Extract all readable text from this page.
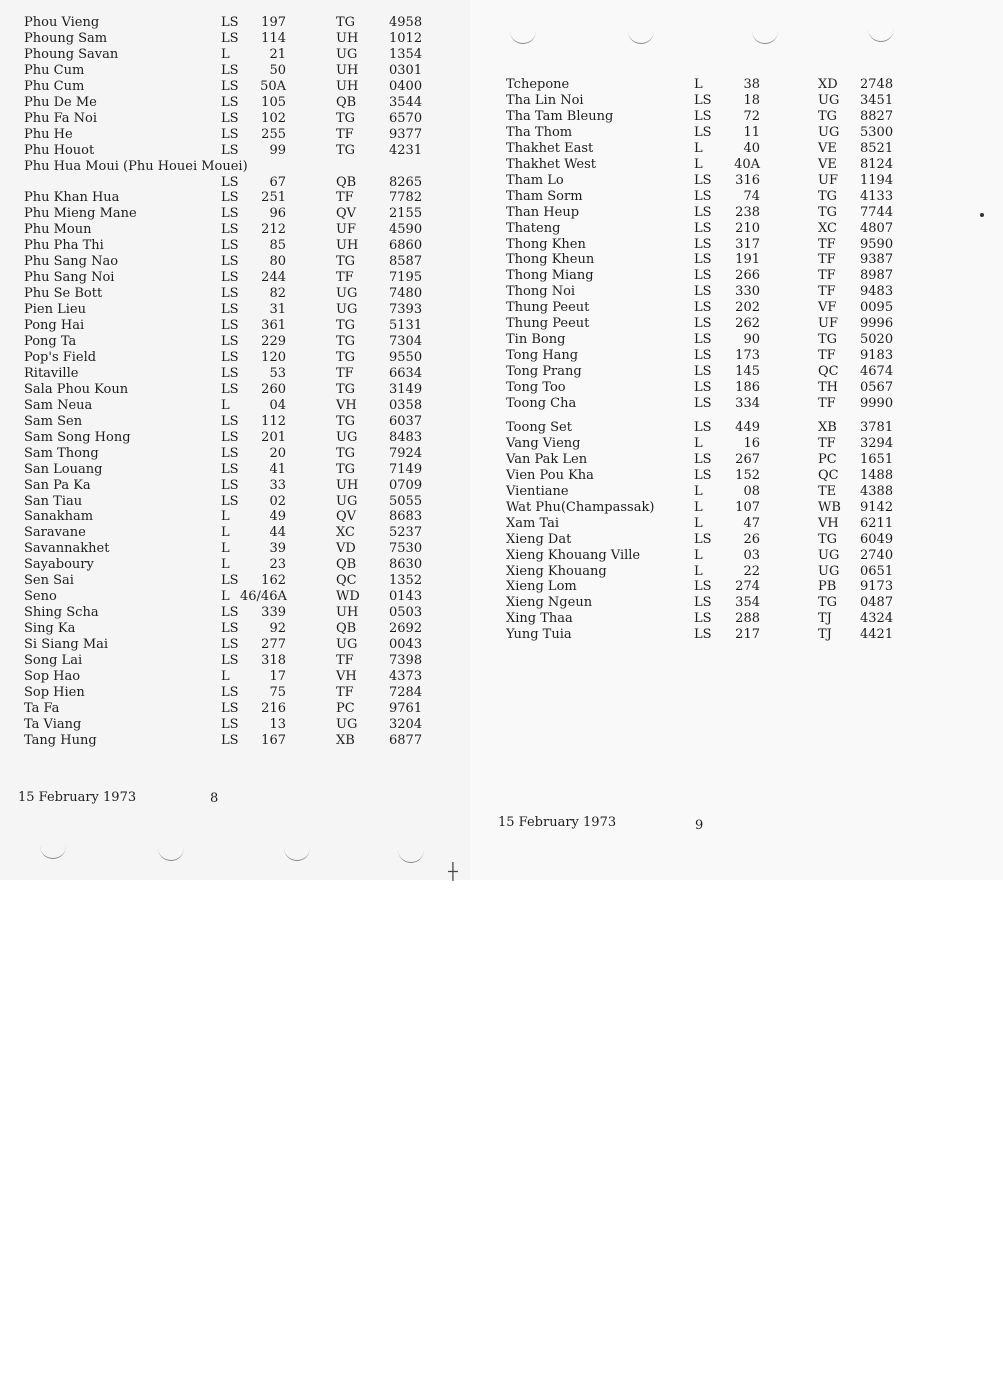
Phou Vieng	LS	197	TG	4958
Phoung Sam	LS	114	UH 1012
Phoung Savan	L	21	UG 1354
Phu Cum	LS	50	UH 0301
Phu Cum	LS	50A	UH 0400
Phu De Me	LS	105	QB	3544
Phu Fa Noi	LS	102	TG	6570
Phu He	LS	255	TF	9377
Phu Houot	LS	99	TG	4231
Phu Hua Moui (Phu Houei Mouei)
LS	67	QB	8265
Phu Khan Hua	LS	251	TF	7782
Phu Mieng Mane	LS	96	QV	2155
Phu Moun	LS	212	UF	4590
Phu Pha Thi	LS	85	UH 6860
Phu Sang Nao	LS	80	TG	8587
Phu Sang Noi	LS	244	TF	7195
Phu Se Bott	LS	82	UG 7480
Pien Lieu	LS	31	UG 7393
Pong Hai	LS	361	TG	5131
Pong Ta	LS	229	TG	7304
Pop's Field	LS	120	TG	9550
Ritaville	LS	53	TF	6634
Sala Phou Koun	LS	260	TG	3149
Sam Neua	L	04	VH 0358
Sam Sen	LS	112	TG	6037
Sam Song Hong	LS	201	UG 8483
Sam Thong	LS	20	TG	7924
San Louang	LS	41	TG	7149
San Pa Ka	LS	33	UH 0709
San Tiau	LS	02	UG 5055
Sanakham	L	49	QV	8683
Saravane	L	44	XC	5237
Savannakhet	L	39	VD	7530
Sayaboury	L	23	QB	8630
Sen Sai	LS	162	QC 1352
Seno	L 46/46A	WD 0143
Shing Scha	LS	339	UH 0503
Sing Ka	LS	92	QB	2692
Si Siang Mai	LS	277	UG 0043
Song Lai	LS	318	TF	7398
Sop Hao	L	17	VH 4373
Sop Hien	LS	75	TF	7284
Ta Fa	LS	216	PC	9761
Ta Viang	LS	13	UG 3204
Tang Hung	LS	167	XB	6877
Tchepone	L	38	XD 2748
Tha Lin Noi	LS	18	UG 3451
Tha Tam Bleung	LS	72	TG 8827
Tha Thom	LS	11	UG 5300
Thakhet East	L	40	VE 8521
Thakhet West	L	40A	VE 8124
Tham Lo	LS	316	UF 1194
Tham Sorm	LS	74	TG 4133
Than Heup	LS	238	TG 7744
Thateng	LS	210	XC 4807
Thong Khen	LS	317	TF 9590
Thong Kheun	LS	191	TF 9387
Thong Miang	LS	266	TF 8987
Thong Noi	LS	330	TF 9483
Thung Peeut	LS	202	VF 0095
Thung Peeut	LS	262	UF 9996
Tin Bong	LS	90	TG 5020
Tong Hang	LS	173	TF 9183
Tong Prang	LS	145	QC 4674
Tong Too	LS	186	TH 0567
Toong Cha	LS	334	TF 9990
Toong Set	LS	449	XB 3781
Vang Vieng	L	16	TF 3294
Van Pak Len	LS	267	PC 1651
Vien Pou Kha	LS	152	QC 1488
Vientiane	L	08	TE 4388
Wat Phu(Champassak)	L	107	WB 9142
Xam Tai	L	47	VH 6211
Xieng Dat	LS	26	TG 6049
Xieng Khouang Ville	L	03	UG 2740
Xieng Khouang	L	22	UG 0651
Xieng Lom	LS	274	PB 9173
Xieng Ngeun	LS	354	TG 0487
Xing Thaa	LS	288	TJ 4324
Yung Tuia	LS	217	TJ 4421
15 February 1973	8
15 February 1973	9
┼
